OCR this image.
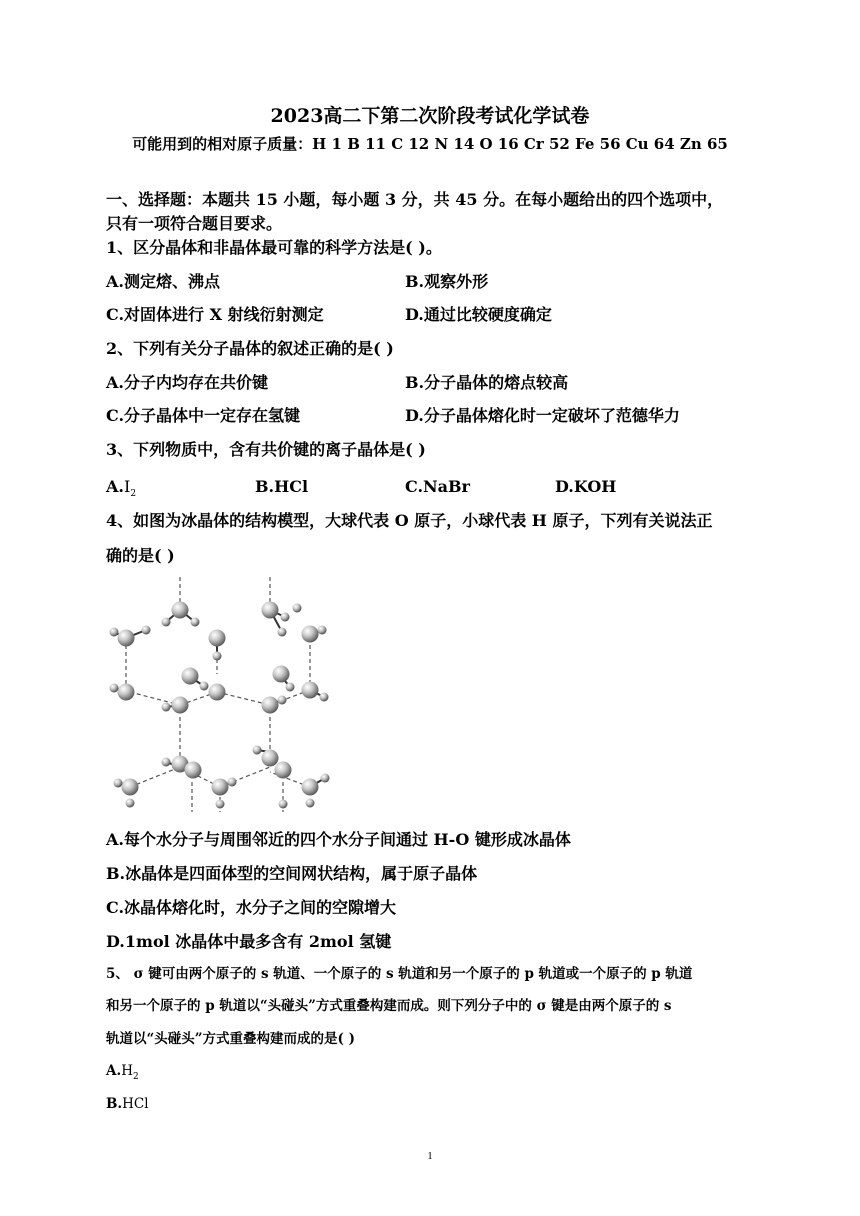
2023高二下第二次阶段考试化学试卷
可能用到的相对原子质量：H 1 B 11 C 12 N 14 O 16 Cr 52 Fe 56 Cu 64 Zn 65
一、选择题：本题共 15 小题，每小题 3 分，共 45 分。在每小题给出的四个选项中，
只有一项符合题目要求。
1、区分晶体和非晶体最可靠的科学方法是( )。
A.测定熔、沸点	B.观察外形
C.对固体进行 X 射线衍射测定	D.通过比较硬度确定
2、下列有关分子晶体的叙述正确的是( )
A.分子内均存在共价键	B.分子晶体的熔点较高
C.分子晶体中一定存在氢键	D.分子晶体熔化时一定破坏了范德华力
3、下列物质中，含有共价键的离子晶体是( )
$A.I_2$	B.HCl	C.NaBr	D.KOH
4、如图为冰晶体的结构模型，大球代表 O 原子，小球代表 H 原子，下列有关说法正
确的是( )
A.每个水分子与周围邻近的四个水分子间通过 H-O 键形成冰晶体
B.冰晶体是四面体型的空间网状结构，属于原子晶体
C.冰晶体熔化时，水分子之间的空隙增大
D.1mol 冰晶体中最多含有 2mol 氢键
5、 σ 键可由两个原子的 s 轨道、一个原子的 s 轨道和另一个原子的 p 轨道或一个原子的 p 轨道
和另一个原子的 p 轨道以“头碰头”方式重叠构建而成。则下列分子中的 σ 键是由两个原子的 s
轨道以“头碰头”方式重叠构建而成的是( )
$A.H_2$
B.HCl
1
